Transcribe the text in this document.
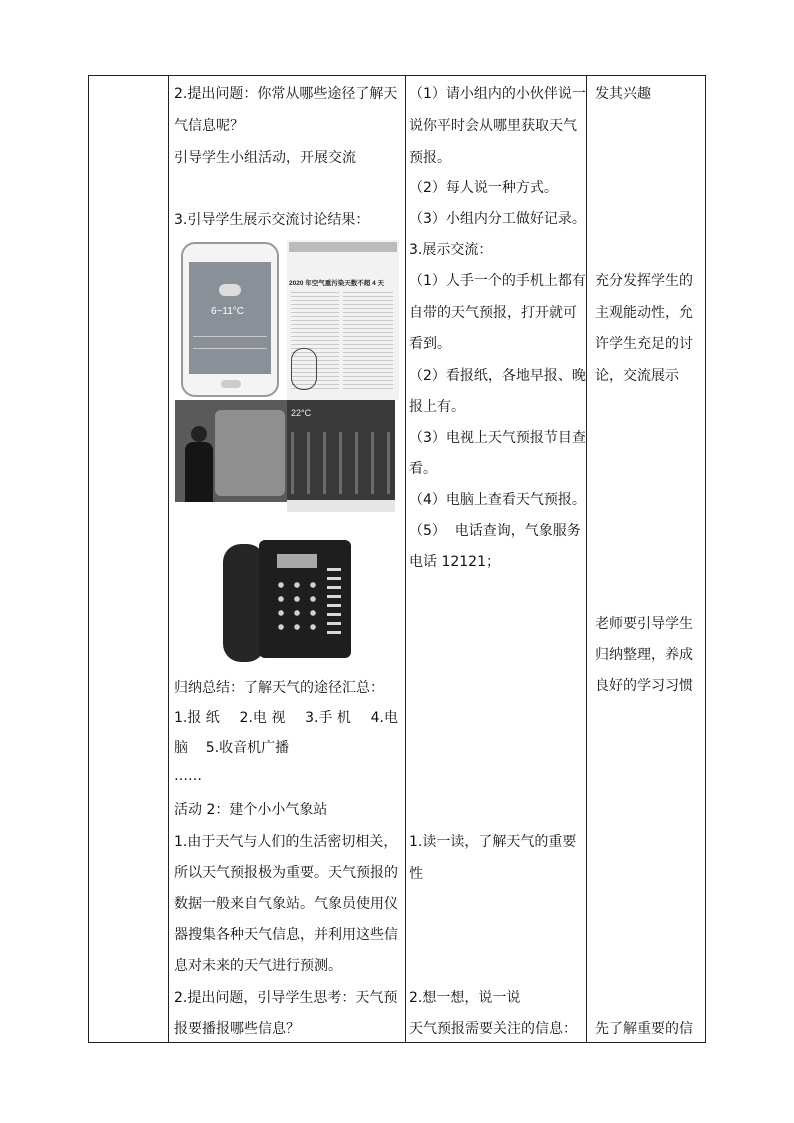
2.提出问题：你常从哪些途径了解天
气信息呢？
引导学生小组活动，开展交流
3.引导学生展示交流讨论结果：
6~11°C
2020 年空气重污染天数不超 4 天
22°C
归纳总结：了解天气的途径汇总：
1.报 纸 2.电 视 3.手 机 4.电
脑    5.收音机广播
……
活动 2：建个小小气象站
1.由于天气与人们的生活密切相关，
所以天气预报极为重要。天气预报的
数据一般来自气象站。气象员使用仪
器搜集各种天气信息，并利用这些信
息对未来的天气进行预测。
2.提出问题，引导学生思考：天气预
报要播报哪些信息？
（1）请小组内的小伙伴说一
说你平时会从哪里获取天气
预报。
（2）每人说一种方式。
（3）小组内分工做好记录。
3.展示交流：
（1）人手一个的手机上都有
自带的天气预报，打开就可
看到。
（2）看报纸，各地早报、晚
报上有。
（3）电视上天气预报节目查
看。
（4）电脑上查看天气预报。
（5）  电话查询，气象服务
电话 12121；
1.读一读，了解天气的重要
性
2.想一想，说一说
天气预报需要关注的信息：
发其兴趣
充分发挥学生的
主观能动性，允
许学生充足的讨
论，交流展示
老师要引导学生
归纳整理，养成
良好的学习习惯
先了解重要的信
